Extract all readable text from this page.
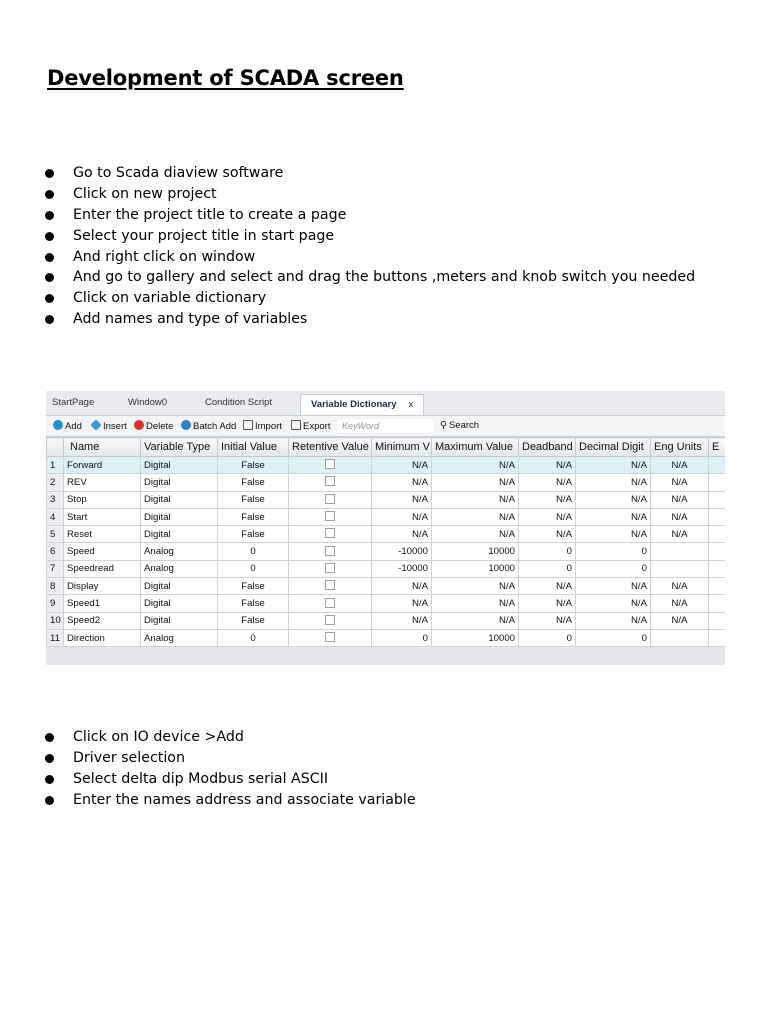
Development of SCADA screen
Go to Scada diaview software
Click on new project
Enter the project title to create a page
Select your project title in start page
And right click on window
And go to gallery and select and drag the buttons ,meters and knob switch you needed
Click on variable dictionary
Add names and type of variables
StartPage	Window0	Condition Script	Variable Dictionary x
Add	Insert	Delete	Batch Add	Import	Export	KeyWord	⚲ Search
	Name	Variable Type	Initial Value	Retentive Value	Minimum V	Maximum Value	Deadband	Decimal Digit	Eng Units	E
1	Forward	Digital	False		N/A	N/A	N/A	N/A	N/A	
2	REV	Digital	False		N/A	N/A	N/A	N/A	N/A	
3	Stop	Digital	False		N/A	N/A	N/A	N/A	N/A	
4	Start	Digital	False		N/A	N/A	N/A	N/A	N/A	
5	Reset	Digital	False		N/A	N/A	N/A	N/A	N/A	
6	Speed	Analog	0		-10000	10000	0	0		
7	Speedread	Analog	0		-10000	10000	0	0		
8	Display	Digital	False		N/A	N/A	N/A	N/A	N/A	
9	Speed1	Digital	False		N/A	N/A	N/A	N/A	N/A	
10	Speed2	Digital	False		N/A	N/A	N/A	N/A	N/A	
11	Direction	Analog	0		0	10000	0	0		
Click on IO device >Add
Driver selection
Select delta dip Modbus serial ASCII
Enter the names address and associate variable
